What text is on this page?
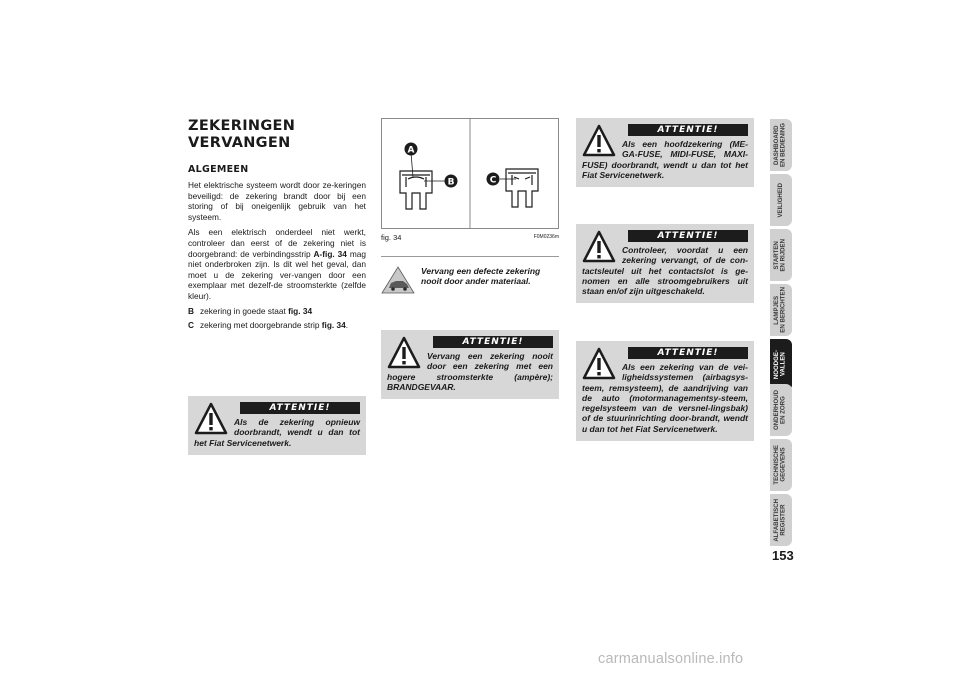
ZEKERINGEN
VERVANGEN
ALGEMEEN

Het elektrische systeem wordt door ze-keringen beveiligd: de zekering brandt door bij een storing of bij oneigenlijk gebruik van het systeem.

Als een elektrisch onderdeel niet werkt, controleer dan eerst of de zekering niet is doorgebrand: de verbindingsstrip A-fig. 34 mag niet onderbroken zijn. Is dit wel het geval, dan moet u de zekering ver-vangen door een exemplaar met dezelf-de stroomsterkte (zelfde kleur).

B zekering in goede staat fig. 34
C zekering met doorgebrande strip fig. 34.
ATTENTIE!
Als de zekering opnieuw doorbrandt, wendt u dan tot het Fiat Servicenetwerk.
A
B	C
fig. 34	F0M0236m
Vervang een defecte zekering nooit door ander materiaal.
ATTENTIE!
Vervang een zekering nooit door een zekering met een hogere stroomsterkte (ampère); BRANDGEVAAR.
ATTENTIE!
Als een hoofdzekering (ME-GA-FUSE, MIDI-FUSE, MAXI-FUSE) doorbrandt, wendt u dan tot het Fiat Servicenetwerk.
ATTENTIE!
Controleer, voordat u een zekering vervangt, of de con-tactsleutel uit het contactslot is ge-nomen en alle stroomgebruikers uit staan en/of zijn uitgeschakeld.
ATTENTIE!
Als een zekering van de vei-ligheidssystemen (airbagsys-teem, remsysteem), de aandrijving van de auto (motormanagementsy-steem, regelsysteem van de versnel-lingsbak) of de stuurinrichting door-brandt, wendt u dan tot het Fiat Servicenetwerk.
DASHBOARD
EN BEDIENING
VEILIGHEID
STARTEN
EN RIJDEN
LAMPJES
EN BERICHTEN
NOODGE-
VALLEN
ONDERHOUD
EN ZORG
TECHNISCHE
GEGEVENS
ALFABETISCH
REGISTER
153
carmanualsonline.info
